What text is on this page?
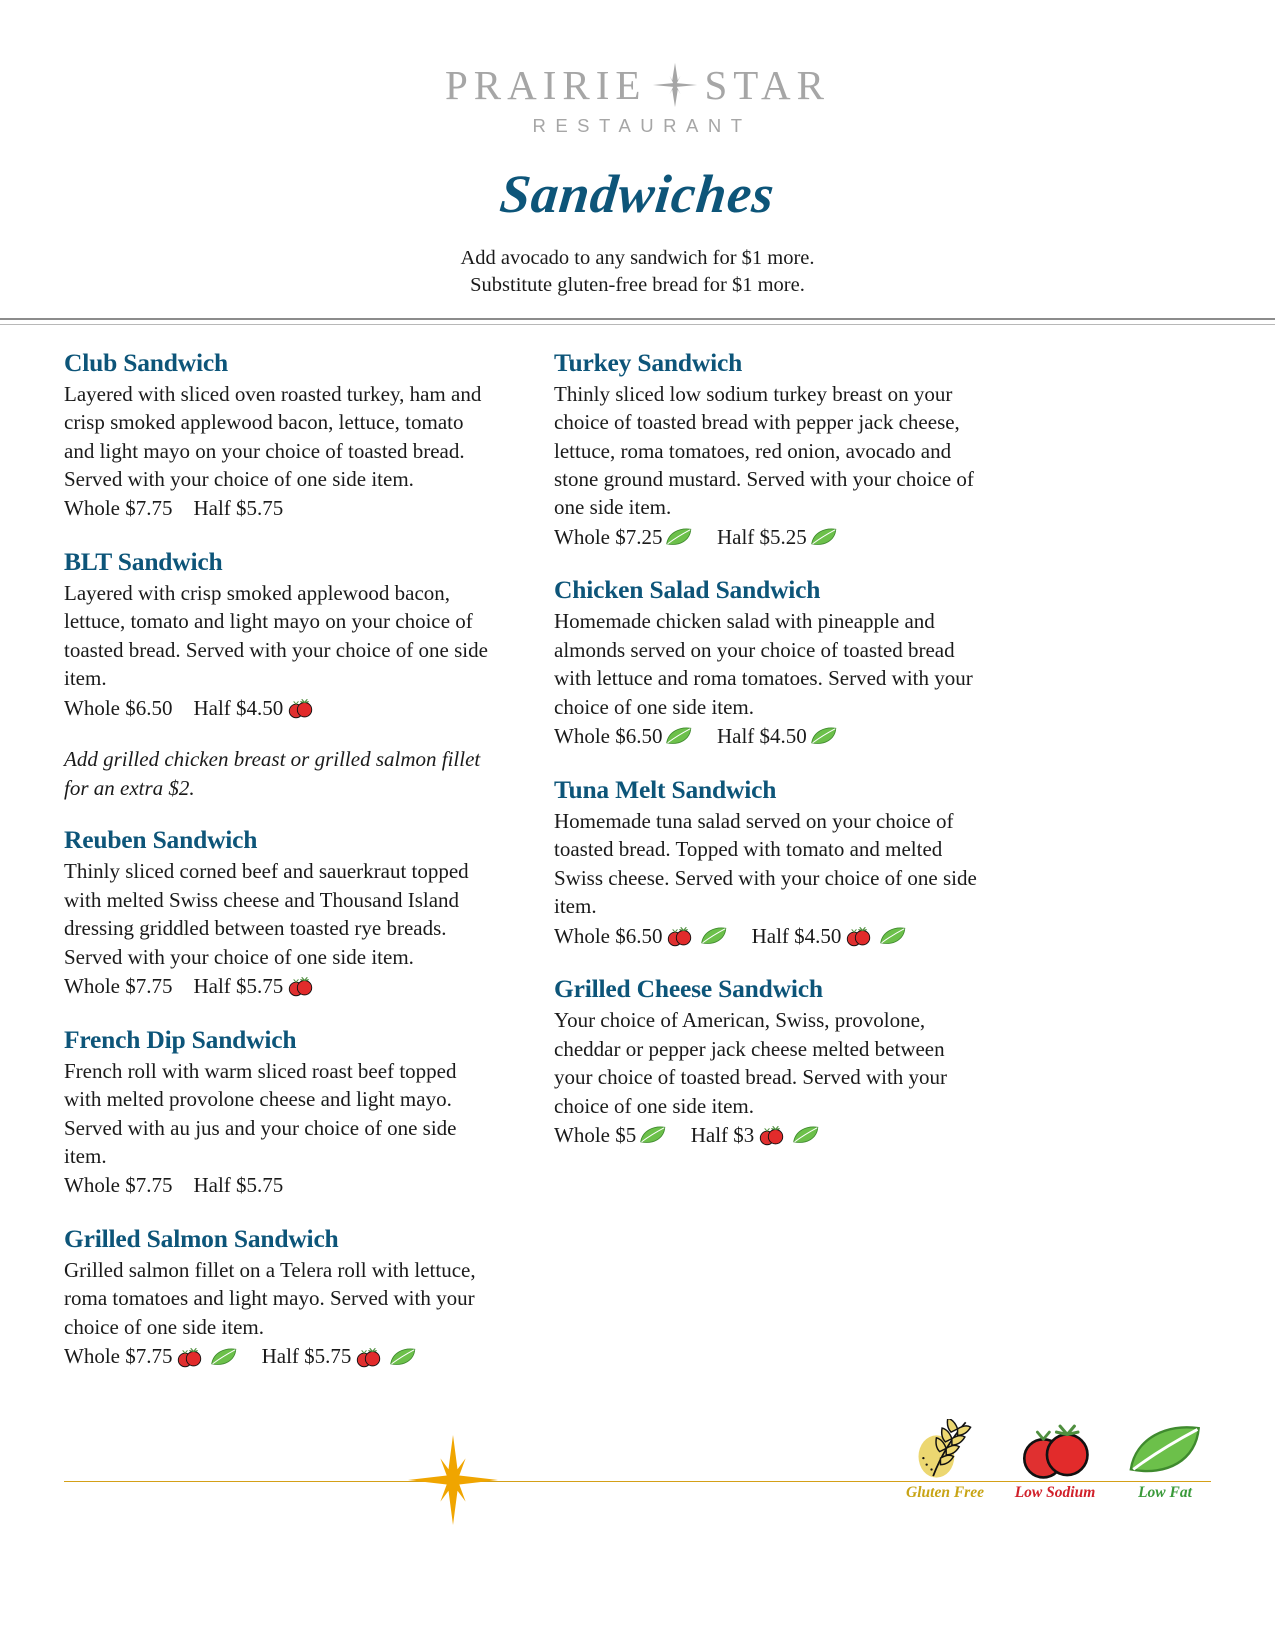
PRAIRIE STAR
RESTAURANT
Sandwiches
Add avocado to any sandwich for $1 more.
Substitute gluten-free bread for $1 more.
Club Sandwich
Layered with sliced oven roasted turkey, ham and crisp smoked applewood bacon, lettuce, tomato and light mayo on your choice of toasted bread. Served with your choice of one side item.
Whole $7.75
Half $5.75
BLT Sandwich
Layered with crisp smoked applewood bacon, lettuce, tomato and light mayo on your choice of toasted bread. Served with your choice of one side item.
Whole $6.50
Half $4.50
Add grilled chicken breast or grilled salmon fillet for an extra $2.
Reuben Sandwich
Thinly sliced corned beef and sauerkraut topped with melted Swiss cheese and Thousand Island dressing griddled between toasted rye breads. Served with your choice of one side item.
Whole $7.75
Half $5.75
French Dip Sandwich
French roll with warm sliced roast beef topped with melted provolone cheese and light mayo. Served with au jus and your choice of one side item.
Whole $7.75
Half $5.75
Grilled Salmon Sandwich
Grilled salmon fillet on a Telera roll with lettuce, roma tomatoes and light mayo. Served with your choice of one side item.
Whole $7.75
	Half $5.75
Turkey Sandwich
Thinly sliced low sodium turkey breast on your choice of toasted bread with pepper jack cheese, lettuce, roma tomatoes, red onion, avocado and stone ground mustard. Served with your choice of one side item.
Whole $7.25
	Half $5.25
Chicken Salad Sandwich
Homemade chicken salad with pineapple and almonds served on your choice of toasted bread with lettuce and roma tomatoes. Served with your choice of one side item.
Whole $6.50
	Half $4.50
Tuna Melt Sandwich
Homemade tuna salad served on your choice of toasted bread. Topped with tomato and melted Swiss cheese. Served with your choice of one side item.
Whole $6.50
	Half $4.50
Grilled Cheese Sandwich
Your choice of American, Swiss, provolone, cheddar or pepper jack cheese melted between your choice of toasted bread. Served with your choice of one side item.
Whole $5
	Half $3
Gluten Free	Low Sodium	Low Fat
